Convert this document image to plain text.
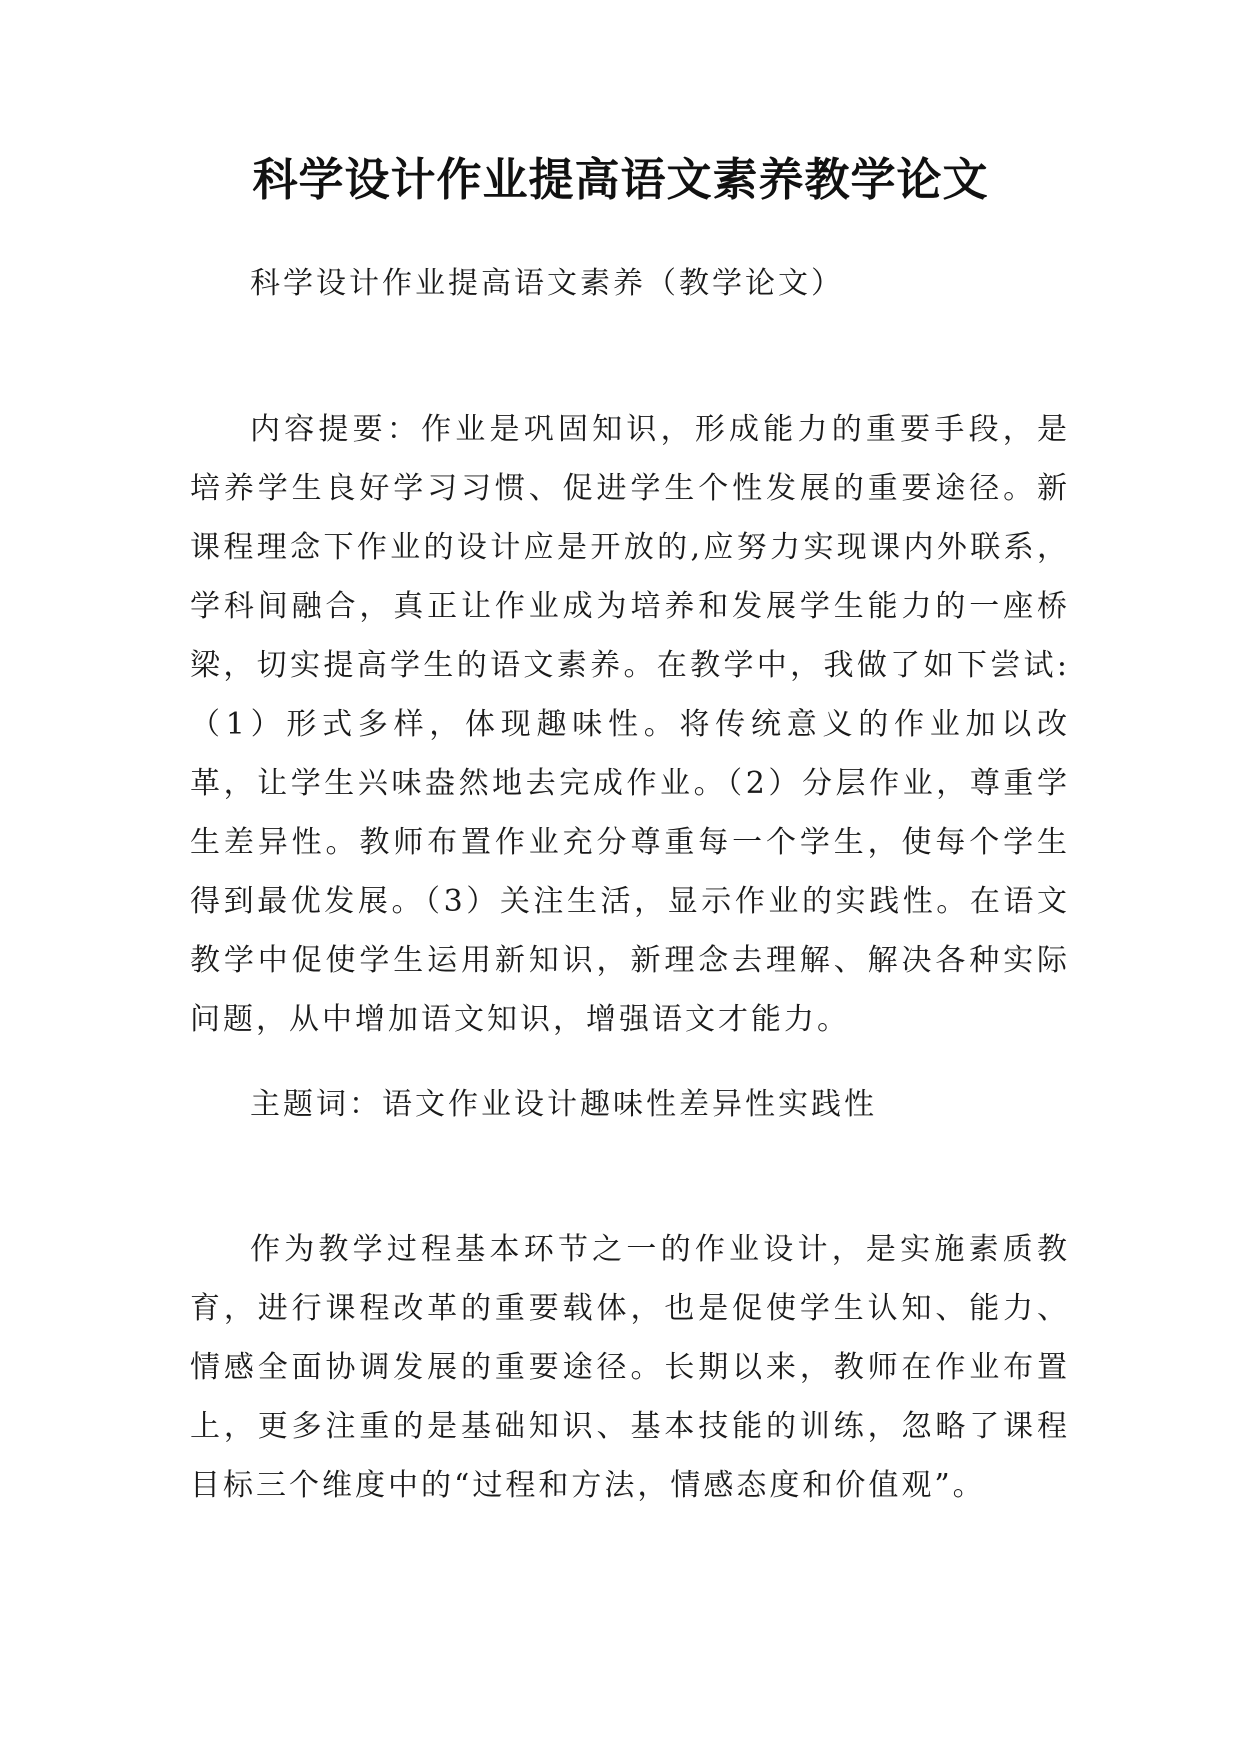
科学设计作业提高语文素养教学论文

科学设计作业提高语文素养（教学论文）

内容提要：作业是巩固知识，形成能力的重要手段，是培养学生良好学习习惯、促进学生个性发展的重要途径。新课程理念下作业的设计应是开放的,应努力实现课内外联系，学科间融合，真正让作业成为培养和发展学生能力的一座桥梁，切实提高学生的语文素养。在教学中，我做了如下尝试:（1）形式多样，体现趣味性。将传统意义的作业加以改革，让学生兴味盎然地去完成作业。（2）分层作业，尊重学生差异性。教师布置作业充分尊重每一个学生，使每个学生得到最优发展。（3）关注生活，显示作业的实践性。在语文教学中促使学生运用新知识，新理念去理解、解决各种实际问题，从中增加语文知识，增强语文才能力。

主题词：语文作业设计趣味性差异性实践性

作为教学过程基本环节之一的作业设计，是实施素质教育，进行课程改革的重要载体，也是促使学生认知、能力、情感全面协调发展的重要途径。长期以来，教师在作业布置上，更多注重的是基础知识、基本技能的训练，忽略了课程目标三个维度中的“过程和方法，情感态度和价值观”。
